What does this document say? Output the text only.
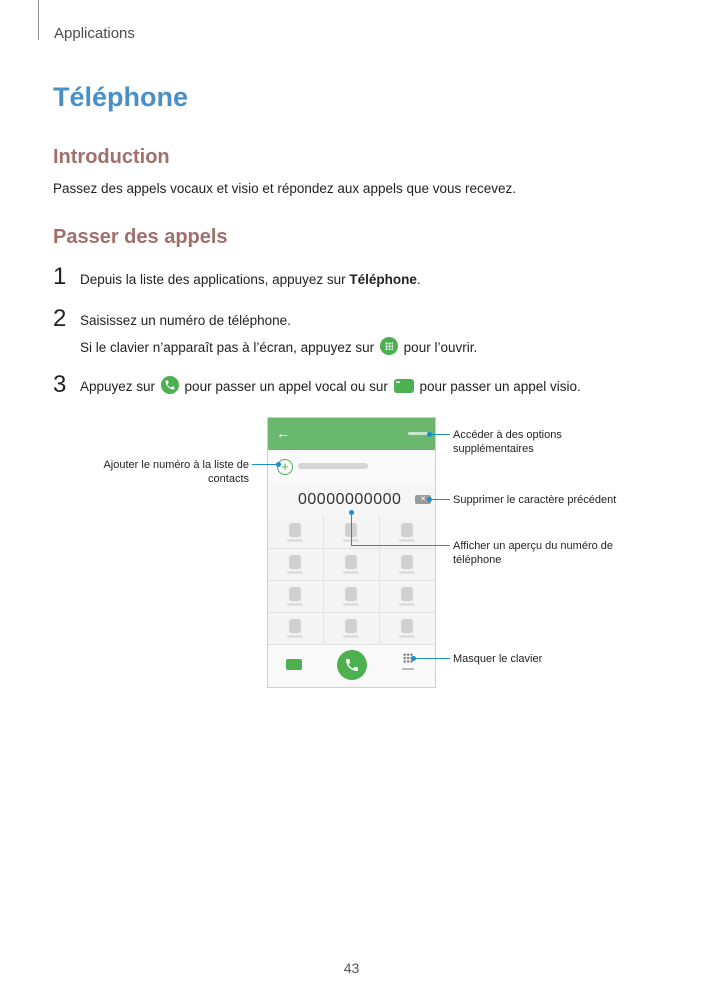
Applications
Téléphone
Introduction
Passez des appels vocaux et visio et répondez aux appels que vous recevez.
Passer des appels
1 Depuis la liste des applications, appuyez sur Téléphone.
2 Saisissez un numéro de téléphone.
Si le clavier n’apparaît pas à l’écran, appuyez sur  pour l’ouvrir.
3 Appuyez sur
pour passer un appel vocal ou sur ▪▪▪ pour passer un appel visio.
←
+
00000000000	✕
Accéder à des options supplémentaires
Ajouter le numéro à la liste de contacts
Supprimer le caractère précédent
Afficher un aperçu du numéro de téléphone
Masquer le clavier
43
